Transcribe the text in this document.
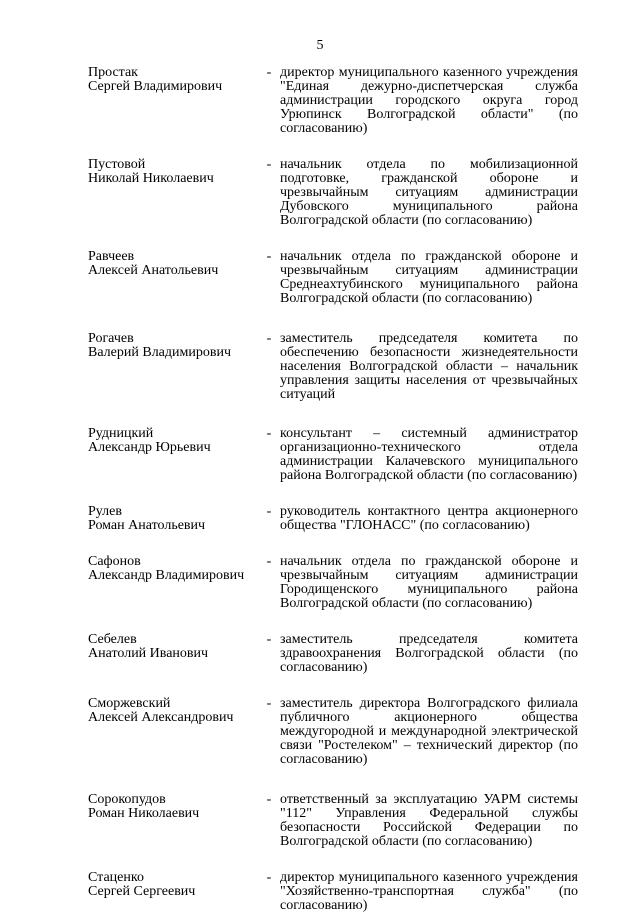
5
Простак
Сергей Владимирович
- директор муниципального казенного учреждения "Единая дежурно-диспетчерская служба администрации городского округа город Урюпинск Волгоградской области" (по согласованию)
Пустовой
Николай Николаевич
- начальник отдела по мобилизационной подготовке, гражданской обороне и чрезвычайным ситуациям администрации Дубовского муниципального района Волгоградской области (по согласованию)
Равчеев
Алексей Анатольевич
- начальник отдела по гражданской обороне и чрезвычайным ситуациям администрации Среднеахтубинского муниципального района Волгоградской области (по согласованию)
Рогачев
Валерий Владимирович
- заместитель председателя комитета по обеспечению безопасности жизнедеятельности населения Волгоградской области – начальник управления защиты населения от чрезвычайных ситуаций
Рудницкий
Александр Юрьевич
- консультант – системный администратор организационно-технического отдела администрации Калачевского муниципального района Волгоградской области (по согласованию)
Рулев
Роман Анатольевич
- руководитель контактного центра акционерного общества "ГЛОНАСС" (по согласованию)
Сафонов
Александр Владимирович
- начальник отдела по гражданской обороне и чрезвычайным ситуациям администрации Городищенского муниципального района Волгоградской области (по согласованию)
Себелев
Анатолий Иванович
- заместитель председателя комитета здравоохранения Волгоградской области (по согласованию)
Сморжевский
Алексей Александрович
- заместитель директора Волгоградского филиала публичного акционерного общества междугородной и международной электрической связи "Ростелеком" – технический директор (по согласованию)
Сорокопудов
Роман Николаевич
- ответственный за эксплуатацию УАРМ системы "112" Управления Федеральной службы безопасности Российской Федерации по Волгоградской области (по согласованию)
Стаценко
Сергей Сергеевич
- директор муниципального казенного учреждения "Хозяйственно-транспортная служба" (по согласованию)
